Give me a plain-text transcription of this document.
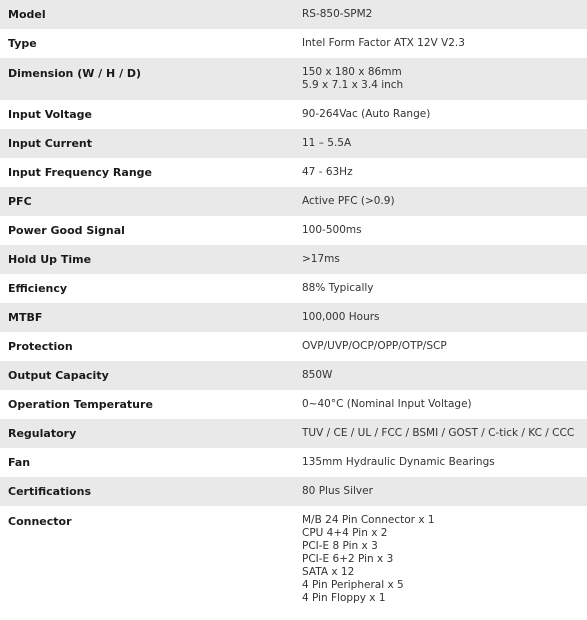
Model	RS-850-SPM2
Type	Intel Form Factor ATX 12V V2.3
Dimension (W / H / D)	150 x 180 x 86mm
5.9 x 7.1 x 3.4 inch
Input Voltage	90-264Vac (Auto Range)
Input Current	11 – 5.5A
Input Frequency Range	47 - 63Hz
PFC	Active PFC (>0.9)
Power Good Signal	100-500ms
Hold Up Time	>17ms
Efficiency	88% Typically
MTBF	100,000 Hours
Protection	OVP/UVP/OCP/OPP/OTP/SCP
Output Capacity	850W
Operation Temperature	0~40°C (Nominal Input Voltage)
Regulatory	TUV / CE / UL / FCC / BSMI / GOST / C-tick / KC / CCC
Fan	135mm Hydraulic Dynamic Bearings
Certifications	80 Plus Silver
Connector	M/B 24 Pin Connector x 1
CPU 4+4 Pin x 2
PCI-E 8 Pin x 3
PCI-E 6+2 Pin x 3
SATA x 12
4 Pin Peripheral x 5
4 Pin Floppy x 1
